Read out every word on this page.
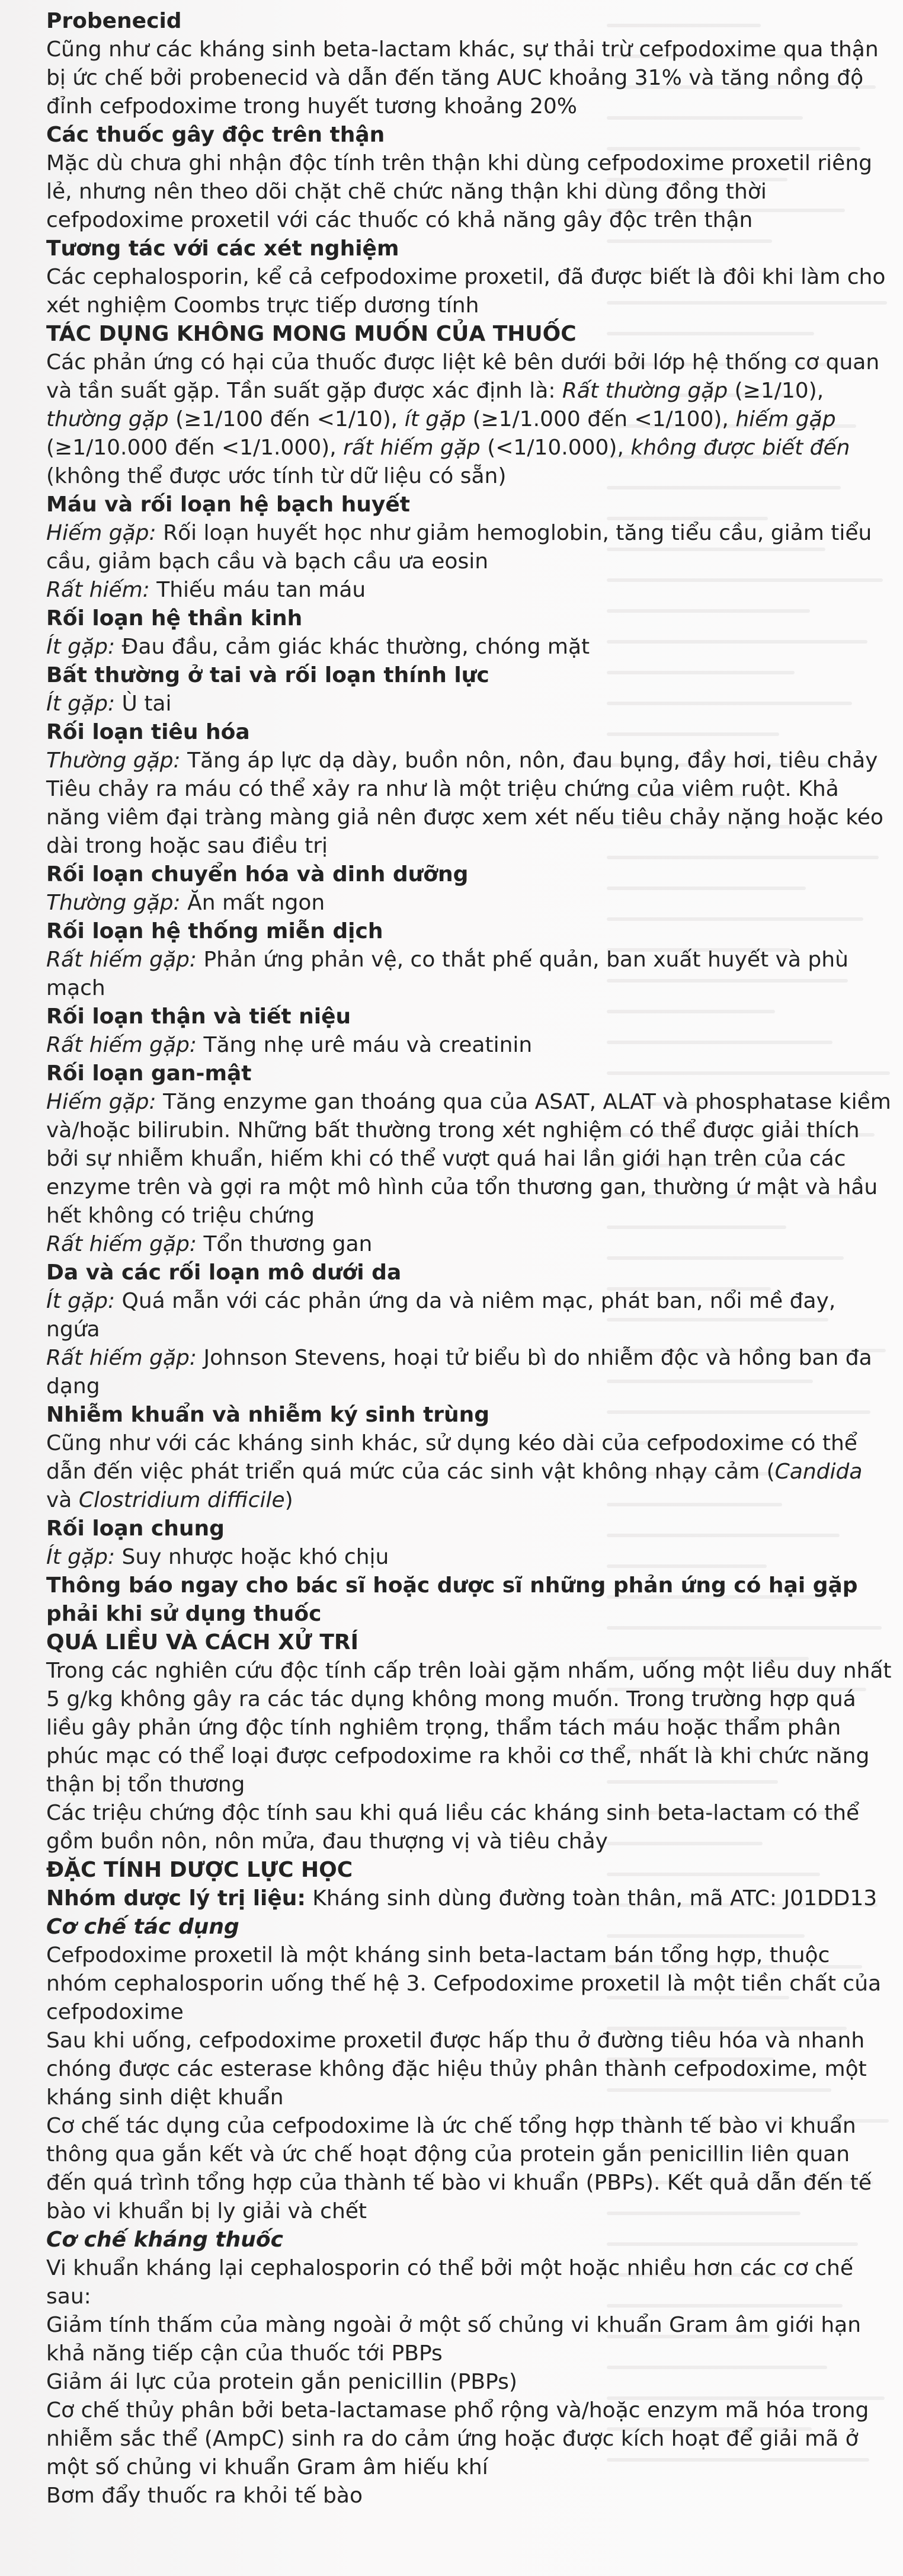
Probenecid

Cũng như các kháng sinh beta-lactam khác, sự thải trừ cefpodoxime qua thận bị ức chế bởi probenecid và dẫn đến tăng AUC khoảng 31% và tăng nồng độ đỉnh cefpodoxime trong huyết tương khoảng 20%

Các thuốc gây độc trên thận

Mặc dù chưa ghi nhận độc tính trên thận khi dùng cefpodoxime proxetil riêng lẻ, nhưng nên theo dõi chặt chẽ chức năng thận khi dùng đồng thời cefpodoxime proxetil với các thuốc có khả năng gây độc trên thận

Tương tác với các xét nghiệm

Các cephalosporin, kể cả cefpodoxime proxetil, đã được biết là đôi khi làm cho xét nghiệm Coombs trực tiếp dương tính

TÁC DỤNG KHÔNG MONG MUỐN CỦA THUỐC

Các phản ứng có hại của thuốc được liệt kê bên dưới bởi lớp hệ thống cơ quan và tần suất gặp. Tần suất gặp được xác định là: Rất thường gặp (≥1/10), thường gặp (≥1/100 đến <1/10), ít gặp (≥1/1.000 đến <1/100), hiếm gặp (≥1/10.000 đến <1/1.000), rất hiếm gặp (<1/10.000), không được biết đến (không thể được ước tính từ dữ liệu có sẵn)

Máu và rối loạn hệ bạch huyết

Hiếm gặp: Rối loạn huyết học như giảm hemoglobin, tăng tiểu cầu, giảm tiểu cầu, giảm bạch cầu và bạch cầu ưa eosin

Rất hiếm: Thiếu máu tan máu

Rối loạn hệ thần kinh

Ít gặp: Đau đầu, cảm giác khác thường, chóng mặt

Bất thường ở tai và rối loạn thính lực

Ít gặp: Ù tai

Rối loạn tiêu hóa

Thường gặp: Tăng áp lực dạ dày, buồn nôn, nôn, đau bụng, đầy hơi, tiêu chảy

Tiêu chảy ra máu có thể xảy ra như là một triệu chứng của viêm ruột. Khả năng viêm đại tràng màng giả nên được xem xét nếu tiêu chảy nặng hoặc kéo dài trong hoặc sau điều trị

Rối loạn chuyển hóa và dinh dưỡng

Thường gặp: Ăn mất ngon

Rối loạn hệ thống miễn dịch

Rất hiếm gặp: Phản ứng phản vệ, co thắt phế quản, ban xuất huyết và phù mạch

Rối loạn thận và tiết niệu

Rất hiếm gặp: Tăng nhẹ urê máu và creatinin

Rối loạn gan-mật

Hiếm gặp: Tăng enzyme gan thoáng qua của ASAT, ALAT và phosphatase kiềm và/hoặc bilirubin. Những bất thường trong xét nghiệm có thể được giải thích bởi sự nhiễm khuẩn, hiếm khi có thể vượt quá hai lần giới hạn trên của các enzyme trên và gợi ra một mô hình của tổn thương gan, thường ứ mật và hầu hết không có triệu chứng

Rất hiếm gặp: Tổn thương gan

Da và các rối loạn mô dưới da

Ít gặp: Quá mẫn với các phản ứng da và niêm mạc, phát ban, nổi mề đay, ngứa

Rất hiếm gặp: Johnson Stevens, hoại tử biểu bì do nhiễm độc và hồng ban đa dạng

Nhiễm khuẩn và nhiễm ký sinh trùng

Cũng như với các kháng sinh khác, sử dụng kéo dài của cefpodoxime có thể dẫn đến việc phát triển quá mức của các sinh vật không nhạy cảm (Candida và Clostridium difficile)

Rối loạn chung

Ít gặp: Suy nhược hoặc khó chịu

Thông báo ngay cho bác sĩ hoặc dược sĩ những phản ứng có hại gặp phải khi sử dụng thuốc

QUÁ LIỀU VÀ CÁCH XỬ TRÍ

Trong các nghiên cứu độc tính cấp trên loài gặm nhấm, uống một liều duy nhất 5 g/kg không gây ra các tác dụng không mong muốn. Trong trường hợp quá liều gây phản ứng độc tính nghiêm trọng, thẩm tách máu hoặc thẩm phân phúc mạc có thể loại được cefpodoxime ra khỏi cơ thể, nhất là khi chức năng thận bị tổn thương

Các triệu chứng độc tính sau khi quá liều các kháng sinh beta-lactam có thể gồm buồn nôn, nôn mửa, đau thượng vị và tiêu chảy

ĐẶC TÍNH DƯỢC LỰC HỌC

Nhóm dược lý trị liệu: Kháng sinh dùng đường toàn thân, mã ATC: J01DD13

Cơ chế tác dụng

Cefpodoxime proxetil là một kháng sinh beta-lactam bán tổng hợp, thuộc nhóm cephalosporin uống thế hệ 3. Cefpodoxime proxetil là một tiền chất của cefpodoxime

Sau khi uống, cefpodoxime proxetil được hấp thu ở đường tiêu hóa và nhanh chóng được các esterase không đặc hiệu thủy phân thành cefpodoxime, một kháng sinh diệt khuẩn

Cơ chế tác dụng của cefpodoxime là ức chế tổng hợp thành tế bào vi khuẩn thông qua gắn kết và ức chế hoạt động của protein gắn penicillin liên quan đến quá trình tổng hợp của thành tế bào vi khuẩn (PBPs). Kết quả dẫn đến tế bào vi khuẩn bị ly giải và chết

Cơ chế kháng thuốc

Vi khuẩn kháng lại cephalosporin có thể bởi một hoặc nhiều hơn các cơ chế sau:

Giảm tính thấm của màng ngoài ở một số chủng vi khuẩn Gram âm giới hạn khả năng tiếp cận của thuốc tới PBPs

Giảm ái lực của protein gắn penicillin (PBPs)

Cơ chế thủy phân bởi beta-lactamase phổ rộng và/hoặc enzym mã hóa trong nhiễm sắc thể (AmpC) sinh ra do cảm ứng hoặc được kích hoạt để giải mã ở một số chủng vi khuẩn Gram âm hiếu khí

Bơm đẩy thuốc ra khỏi tế bào
